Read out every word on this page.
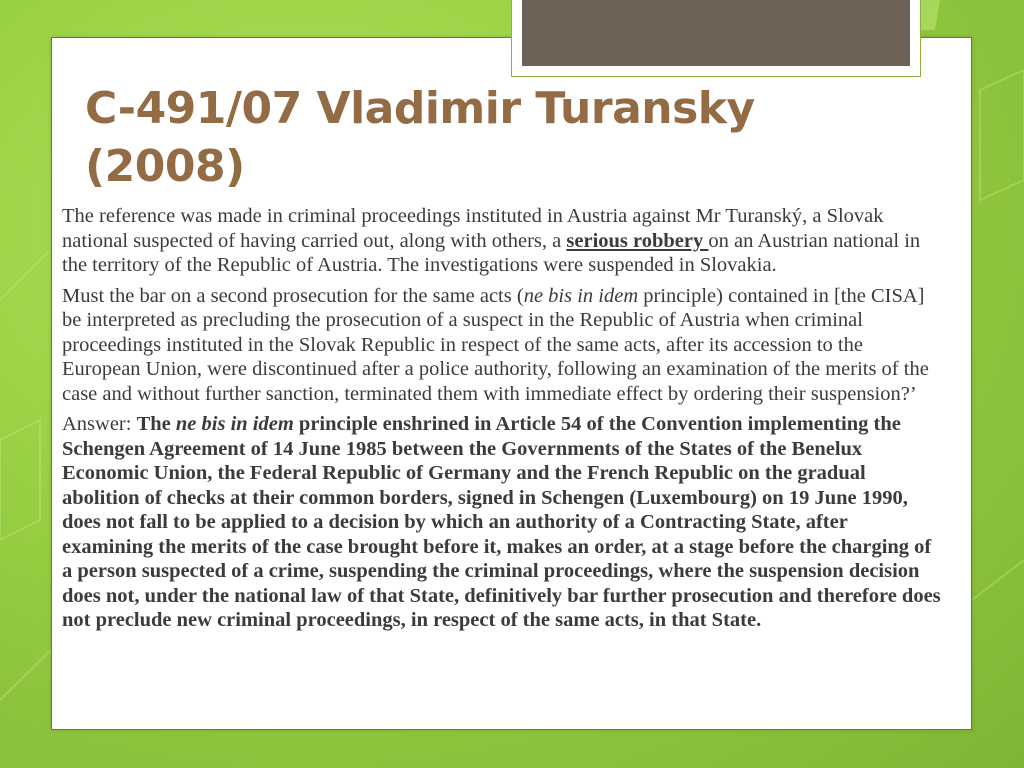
C-491/07 Vladimir Turansky (2008)

The reference was made in criminal proceedings instituted in Austria against Mr Turanský, a Slovak national suspected of having carried out, along with others, a serious robbery on an Austrian national in the territory of the Republic of Austria. The investigations were suspended in Slovakia.

Must the bar on a second prosecution for the same acts (ne bis in idem principle) contained in [the CISA] be interpreted as precluding the prosecution of a suspect in the Republic of Austria when criminal proceedings instituted in the Slovak Republic in respect of the same acts, after its accession to the European Union, were discontinued after a police authority, following an examination of the merits of the case and without further sanction, terminated them with immediate effect by ordering their suspension?’

Answer: The ne bis in idem principle enshrined in Article 54 of the Convention implementing the Schengen Agreement of 14 June 1985 between the Governments of the States of the Benelux Economic Union, the Federal Republic of Germany and the French Republic on the gradual abolition of checks at their common borders, signed in Schengen (Luxembourg) on 19 June 1990, does not fall to be applied to a decision by which an authority of a Contracting State, after examining the merits of the case brought before it, makes an order, at a stage before the charging of a person suspected of a crime, suspending the criminal proceedings, where the suspension decision does not, under the national law of that State, definitively bar further prosecution and therefore does not preclude new criminal proceedings, in respect of the same acts, in that State.
